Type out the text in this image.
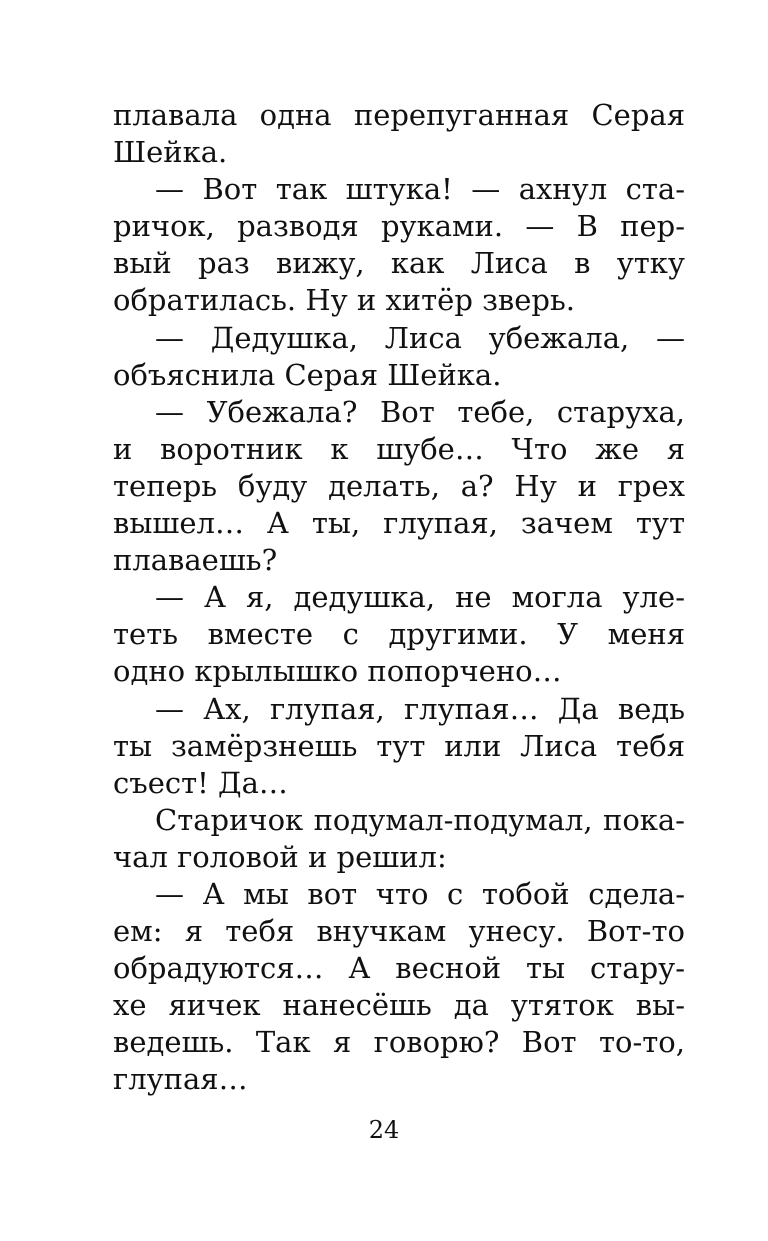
плавала одна перепуганная Серая
Шейка.
— Вот так штука! — ахнул ста-
ричок, разводя руками. — В пер-
вый раз вижу, как Лиса в утку
обратилась. Ну и хитёр зверь.
— Дедушка, Лиса убежала, —
объяснила Серая Шейка.
— Убежала? Вот тебе, старуха,
и воротник к шубе… Что же я
теперь буду делать, а? Ну и грех
вышел… А ты, глупая, зачем тут
плаваешь?
— А я, дедушка, не могла уле-
теть вместе с другими. У меня
одно крылышко попорчено…
— Ах, глупая, глупая… Да ведь
ты замёрзнешь тут или Лиса тебя
съест! Да…
Старичок подумал-подумал, пока-
чал головой и решил:
— А мы вот что с тобой сдела-
ем: я тебя внучкам унесу. Вот-то
обрадуются… А весной ты стару-
хе яичек нанесёшь да утяток вы-
ведешь. Так я говорю? Вот то-то,
глупая…
24
